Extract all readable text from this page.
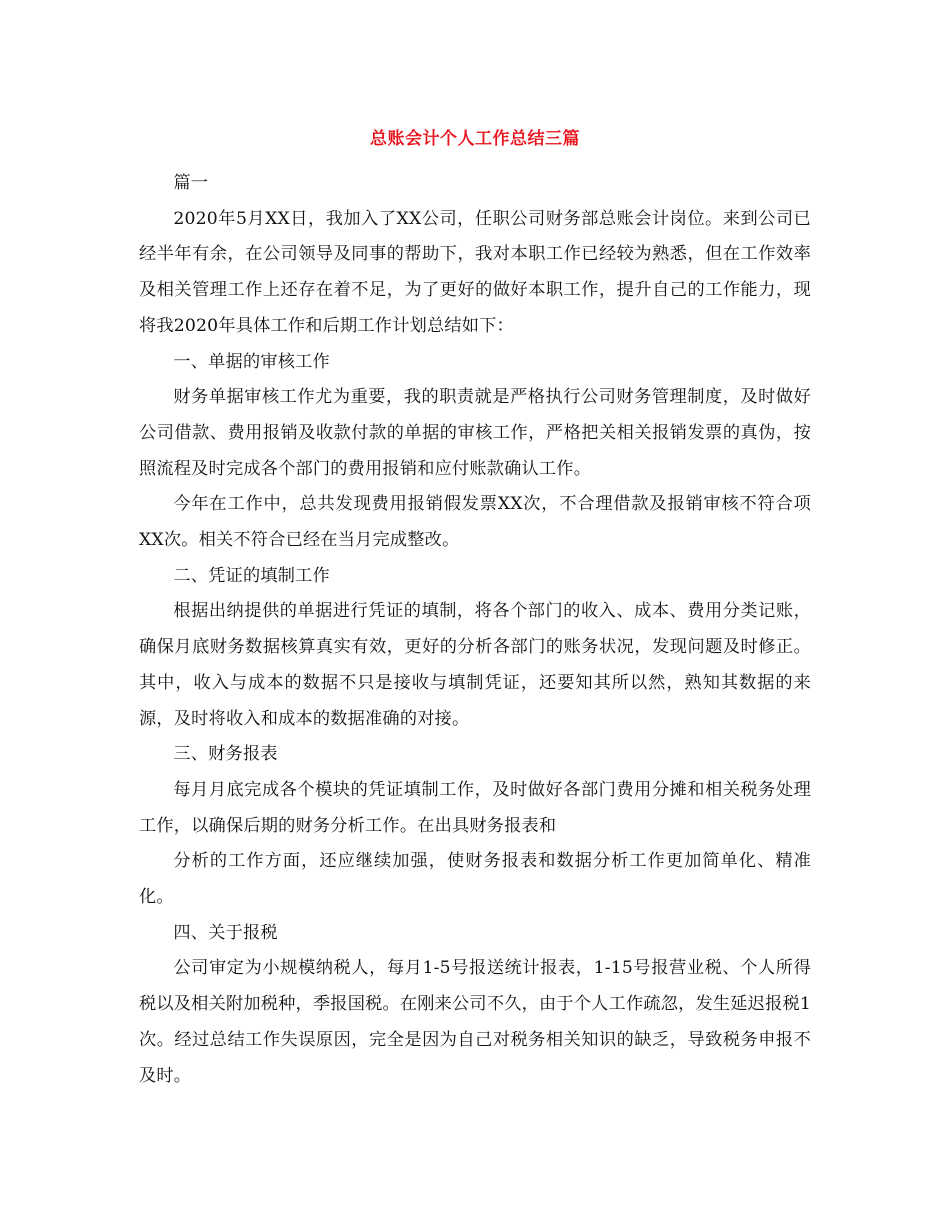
总账会计个人工作总结三篇

篇一

2020年5月XX日，我加入了XX公司，任职公司财务部总账会计岗位。来到公司已经半年有余，在公司领导及同事的帮助下，我对本职工作已经较为熟悉，但在工作效率及相关管理工作上还存在着不足，为了更好的做好本职工作，提升自己的工作能力，现将我2020年具体工作和后期工作计划总结如下：

一、单据的审核工作

财务单据审核工作尤为重要，我的职责就是严格执行公司财务管理制度，及时做好公司借款、费用报销及收款付款的单据的审核工作，严格把关相关报销发票的真伪，按照流程及时完成各个部门的费用报销和应付账款确认工作。

今年在工作中，总共发现费用报销假发票XX次，不合理借款及报销审核不符合项XX次。相关不符合已经在当月完成整改。

二、凭证的填制工作

根据出纳提供的单据进行凭证的填制，将各个部门的收入、成本、费用分类记账，确保月底财务数据核算真实有效，更好的分析各部门的账务状况，发现问题及时修正。其中，收入与成本的数据不只是接收与填制凭证，还要知其所以然，熟知其数据的来源，及时将收入和成本的数据准确的对接。

三、财务报表

每月月底完成各个模块的凭证填制工作，及时做好各部门费用分摊和相关税务处理工作，以确保后期的财务分析工作。在出具财务报表和

分析的工作方面，还应继续加强，使财务报表和数据分析工作更加简单化、精准化。

四、关于报税

公司审定为小规模纳税人，每月1-5号报送统计报表，1-15号报营业税、个人所得税以及相关附加税种，季报国税。在刚来公司不久，由于个人工作疏忽，发生延迟报税1次。经过总结工作失误原因，完全是因为自己对税务相关知识的缺乏，导致税务申报不及时。
